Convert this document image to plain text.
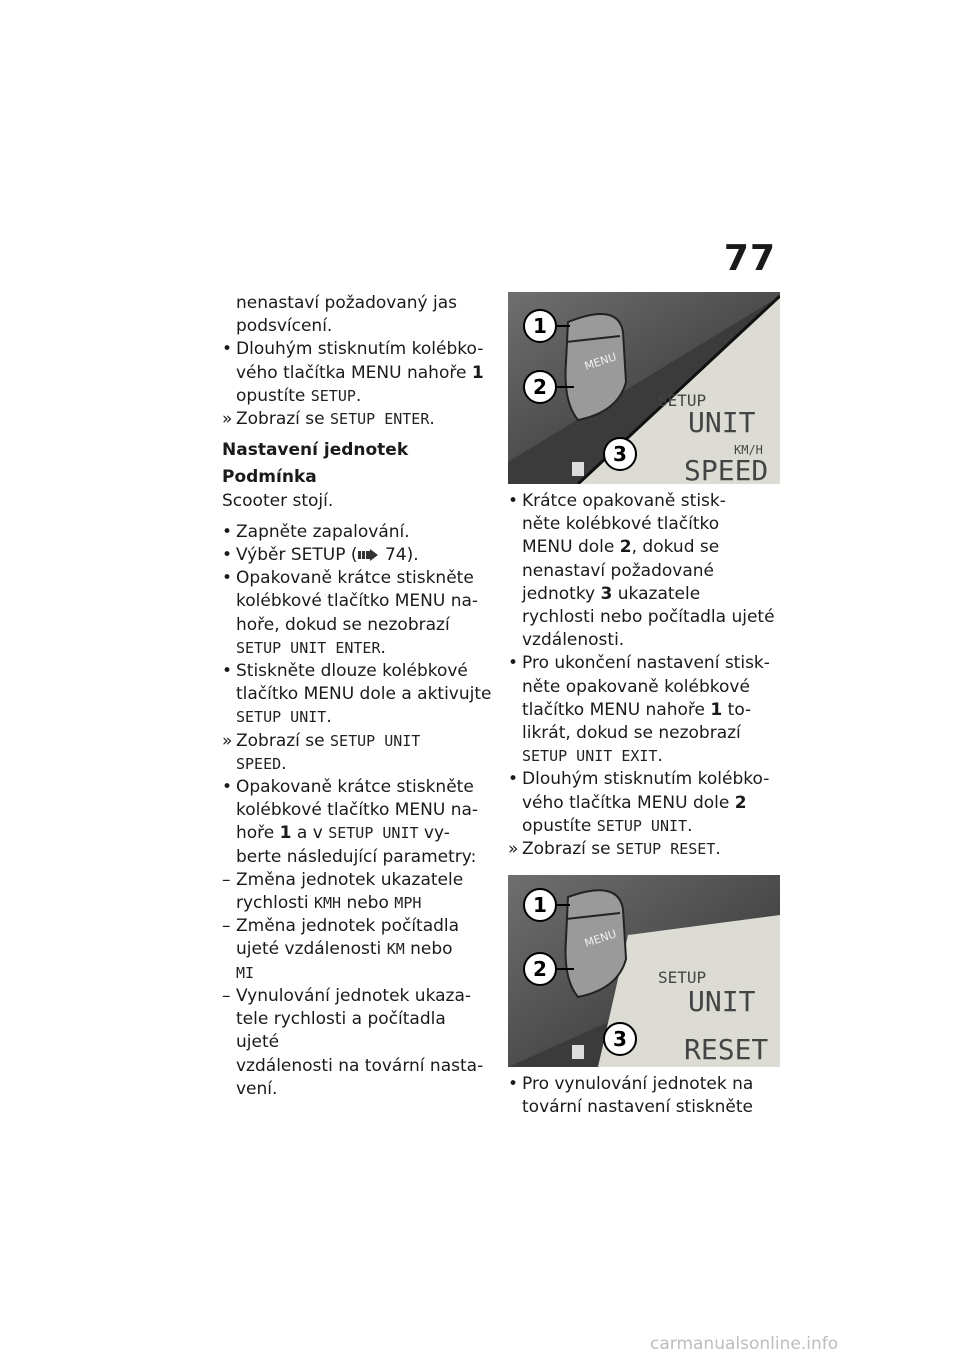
77
nenastaví požadovaný jas
podsvícení.
• Dlouhým stisknutím kolébko-
vého tlačítka MENU nahoře 1
opustíte SETUP.
» Zobrazí se SETUP ENTER.
Nastavení jednotek
Podmínka
Scooter stojí.
• Zapněte zapalování.
• Výběr SETUP ( 74).
• Opakovaně krátce stiskněte
kolébkové tlačítko MENU na-
hoře, dokud se nezobrazí
SETUP UNIT ENTER.
• Stiskněte dlouze kolébkové
tlačítko MENU dole a aktivujte
SETUP UNIT.
» Zobrazí se SETUP UNIT
SPEED.
• Opakovaně krátce stiskněte
kolébkové tlačítko MENU na-
hoře 1 a v SETUP UNIT vy-
berte následující parametry:
– Změna jednotek ukazatele
rychlosti KMH nebo MPH
– Změna jednotek počítadla
ujeté vzdálenosti KM nebo
MI
– Vynulování jednotek ukaza-
tele rychlosti a počítadla ujeté
vzdálenosti na tovární nasta-
vení.
MENU
1
2
3
SETUP
UNIT
KM/H
SPEED
• Krátce opakovaně stisk-
něte kolébkové tlačítko
MENU dole 2, dokud se
nenastaví požadované
jednotky 3 ukazatele
rychlosti nebo počítadla ujeté
vzdálenosti.
• Pro ukončení nastavení stisk-
něte opakovaně kolébkové
tlačítko MENU nahoře 1 to-
likrát, dokud se nezobrazí
SETUP UNIT EXIT.
• Dlouhým stisknutím kolébko-
vého tlačítka MENU dole 2
opustíte SETUP UNIT.
» Zobrazí se SETUP RESET.
MENU
1
2
3
SETUP
UNIT
RESET
• Pro vynulování jednotek na
tovární nastavení stiskněte
carmanualsonline.info
